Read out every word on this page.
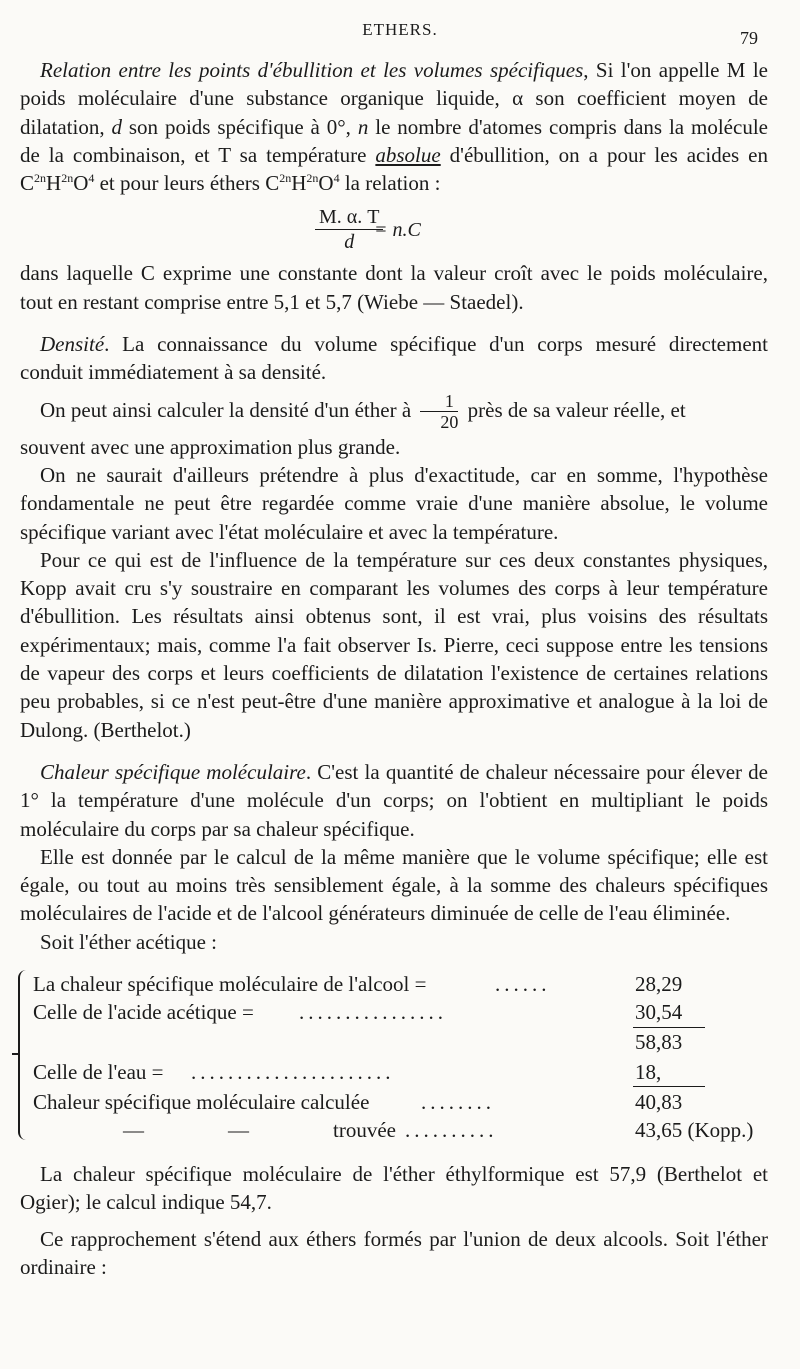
ETHERS.	79

Relation entre les points d'ébullition et les volumes spécifiques, Si l'on appelle M le poids moléculaire d'une substance organique liquide, α son coefficient moyen de dilatation, d son poids spécifique à 0°, n le nombre d'atomes compris dans la molécule de la combinaison, et T sa température absolue d'ébullition, on a pour les acides en $C^{2n}H^{2n}O^4$ et pour leurs éthers $C^{2n}H^{2n}O^4$ la relation :

M. α. T
d
= n.C

dans laquelle C exprime une constante dont la valeur croît avec le poids moléculaire, tout en restant comprise entre 5,1 et 5,7 (Wiebe — Staedel).

Densité. La connaissance du volume spécifique d'un corps mesuré directement conduit immédiatement à sa densité.

On peut ainsi calculer la densité d'un éther à $\frac{1}{20}$ près de sa valeur réelle, et

souvent avec une approximation plus grande.

On ne saurait d'ailleurs prétendre à plus d'exactitude, car en somme, l'hypothèse fondamentale ne peut être regardée comme vraie d'une manière absolue, le volume spécifique variant avec l'état moléculaire et avec la température.

Pour ce qui est de l'influence de la température sur ces deux constantes physiques, Kopp avait cru s'y soustraire en comparant les volumes des corps à leur température d'ébullition. Les résultats ainsi obtenus sont, il est vrai, plus voisins des résultats expérimentaux; mais, comme l'a fait observer Is. Pierre, ceci suppose entre les tensions de vapeur des corps et leurs coefficients de dilatation l'existence de certaines relations peu probables, si ce n'est peut-être d'une manière approximative et analogue à la loi de Dulong. (Berthelot.)

Chaleur spécifique moléculaire. C'est la quantité de chaleur nécessaire pour élever de 1° la température d'une molécule d'un corps; on l'obtient en multipliant le poids moléculaire du corps par sa chaleur spécifique.

Elle est donnée par le calcul de la même manière que le volume spécifique; elle est égale, ou tout au moins très sensiblement égale, à la somme des chaleurs spécifiques moléculaires de l'acide et de l'alcool générateurs diminuée de celle de l'eau éliminée.

Soit l'éther acétique :

La chaleur spécifique moléculaire de l'alcool =	......	28,29
Celle de l'acide acétique = ................	30,54
58,83
Celle de l'eau = ......................	18,
Chaleur spécifique moléculaire calculée ........	40,83
—	—	trouvée ..........	43,65 (Kopp.)

La chaleur spécifique moléculaire de l'éther éthylformique est 57,9 (Berthelot et Ogier); le calcul indique 54,7.

Ce rapprochement s'étend aux éthers formés par l'union de deux alcools. Soit l'éther ordinaire :
